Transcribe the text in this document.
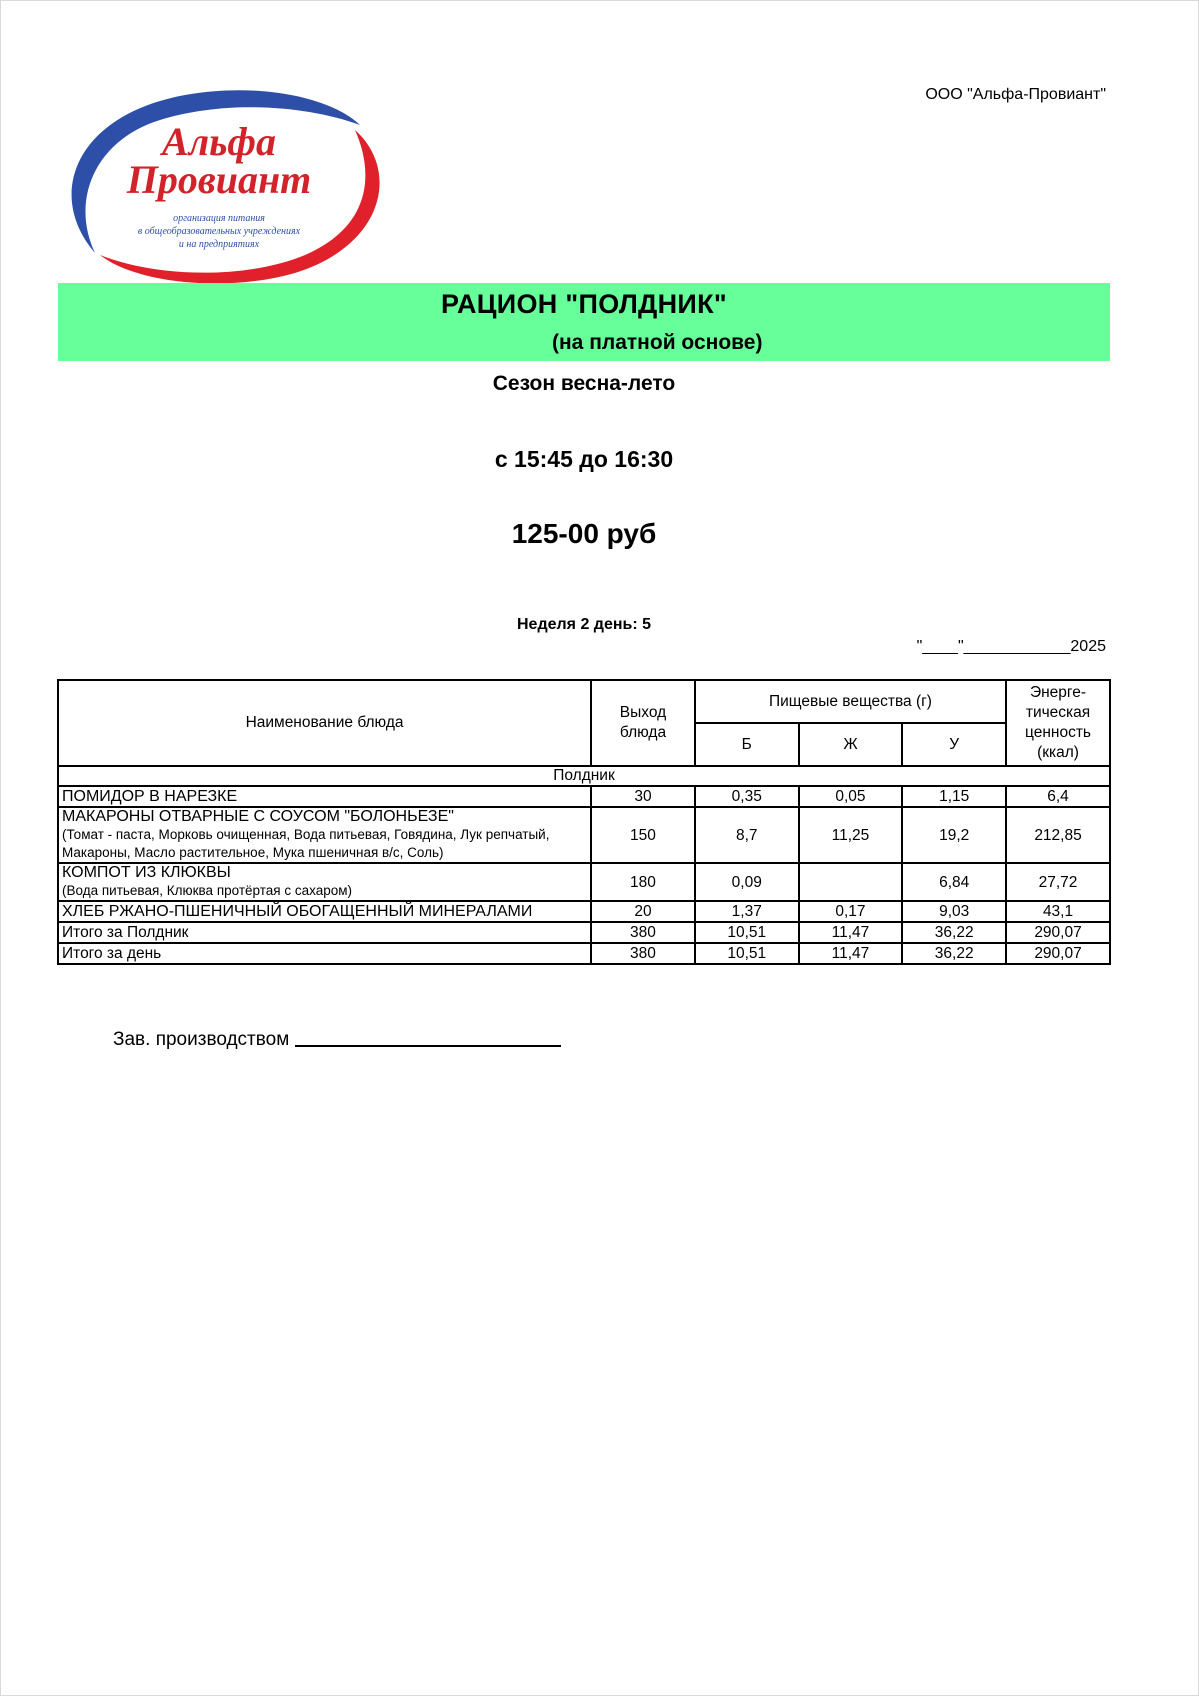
ООО "Альфа-Провиант"
Альфа
Провиант
организация питания
в общеобразовательных учреждениях
и на предприятиях
РАЦИОН "ПОЛДНИК"
(на платной основе)
Сезон весна-лето
с 15:45 до 16:30
125-00 руб
Неделя 2 день: 5
"____"____________2025
Наименование блюда	Выход блюда	Пищевые вещества (г)			Энерге-тическая ценность (ккал)
		Б	Ж	У	
Полдник					

ПОМИДОР В НАРЕЗКЕ	30	0,35	0,05	1,15	6,4

МАКАРОНЫ ОТВАРНЫЕ С СОУСОМ "БОЛОНЬЕЗЕ"
(Томат - паста, Морковь очищенная, Вода питьевая, Говядина, Лук репчатый, Макароны, Масло растительное, Мука пшеничная в/с, Соль)	150	8,7	11,25	19,2	212,85

КОМПОТ ИЗ КЛЮКВЫ
(Вода питьевая, Клюква протёртая с сахаром)	180	0,09		6,84	27,72

ХЛЕБ РЖАНО-ПШЕНИЧНЫЙ ОБОГАЩЕННЫЙ МИНЕРАЛАМИ	20	1,37	0,17	9,03	43,1
Итого за Полдник	380	10,51	11,47	36,22	290,07
Итого за день	380	10,51	11,47	36,22	290,07
Зав. производством
